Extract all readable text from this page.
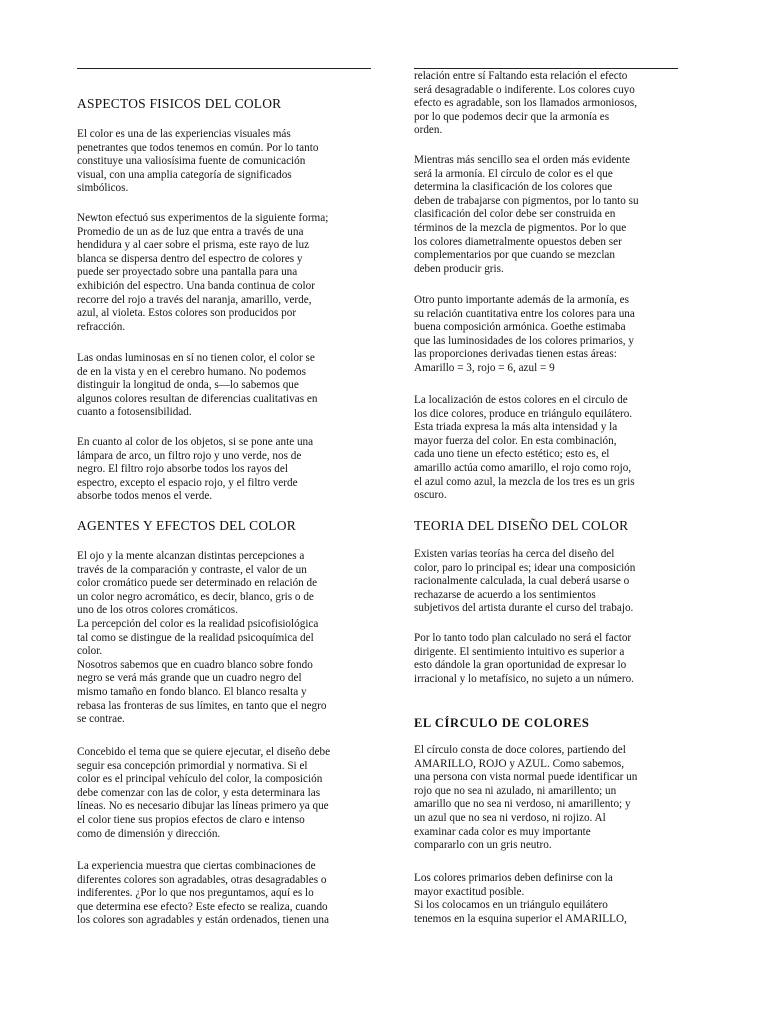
ASPECTOS FISICOS DEL COLOR

El color es una de las experiencias visuales más
penetrantes que todos tenemos en común. Por lo tanto
constituye una valiosísima fuente de comunicación
visual, con una amplia categoría de significados
simbólicos.

Newton efectuó sus experimentos de la siguiente forma;
Promedio de un as de luz que entra a través de una
hendidura y al caer sobre el prisma, este rayo de luz
blanca se dispersa dentro del espectro de colores y
puede ser proyectado sobre una pantalla para una
exhibición del espectro. Una banda continua de color
recorre del rojo a través del naranja, amarillo, verde,
azul, al violeta. Estos colores son producidos por
refracción.

Las ondas luminosas en sí no tienen color, el color se
de en la vista y en el cerebro humano. No podemos
distinguir la longitud de onda, s—lo sabemos que
algunos colores resultan de diferencias cualitativas en
cuanto a fotosensibilidad.

En cuanto al color de los objetos, si se pone ante una
lámpara de arco, un filtro rojo y uno verde, nos de
negro. El filtro rojo absorbe todos los rayos del
espectro, excepto el espacio rojo, y el filtro verde
absorbe todos menos el verde.

AGENTES Y EFECTOS DEL COLOR

El ojo y la mente alcanzan distintas percepciones a
través de la comparación y contraste, el valor de un
color cromático puede ser determinado en relación de
un color negro acromático, es decir, blanco, gris o de
uno de los otros colores cromáticos.
La percepción del color es la realidad psicofisiológica
tal como se distingue de la realidad psicoquímica del
color.
Nosotros sabemos que en cuadro blanco sobre fondo
negro se verá más grande que un cuadro negro del
mismo tamaño en fondo blanco. El blanco resalta y
rebasa las fronteras de sus límites, en tanto que el negro
se contrae.

Concebido el tema que se quiere ejecutar, el diseño debe
seguir esa concepción primordial y normativa. Si el
color es el principal vehículo del color, la composición
debe comenzar con las de color, y esta determinara las
líneas. No es necesario dibujar las líneas primero ya que
el color tiene sus propios efectos de claro e intenso
como de dimensión y dirección.

La experiencia muestra que ciertas combinaciones de
diferentes colores son agradables, otras desagradables o
indiferentes. ¿Por lo que nos preguntamos, aquí es lo
que determina ese efecto? Este efecto se realiza, cuando
los colores son agradables y están ordenados, tienen una

relación entre sí Faltando esta relación el efecto
será desagradable o indiferente. Los colores cuyo
efecto es agradable, son los llamados armoniosos,
por lo que podemos decir que la armonía es
orden.

Mientras más sencillo sea el orden más evidente
será la armonía. El círculo de color es el que
determina la clasificación de los colores que
deben de trabajarse con pigmentos, por lo tanto su
clasificación del color debe ser construida en
términos de la mezcla de pigmentos. Por lo que
los colores diametralmente opuestos deben ser
complementarios por que cuando se mezclan
deben producir gris.

Otro punto importante además de la armonía, es
su relación cuantitativa entre los colores para una
buena composición armónica. Goethe estimaba
que las luminosidades de los colores primarios, y
las proporciones derivadas tienen estas áreas:
Amarillo = 3, rojo = 6, azul = 9

La localización de estos colores en el circulo de
los dice colores, produce en triángulo equilátero.
Esta triada expresa la más alta intensidad y la
mayor fuerza del color. En esta combinación,
cada uno tiene un efecto estético; esto es, el
amarillo actúa como amarillo, el rojo como rojo,
el azul como azul, la mezcla de los tres es un gris
oscuro.

TEORIA DEL DISEÑO DEL COLOR

Existen varias teorías ha cerca del diseño del
color, paro lo principal es; idear una composición
racionalmente calculada, la cual deberá usarse o
rechazarse de acuerdo a los sentimientos
subjetivos del artista durante el curso del trabajo.

Por lo tanto todo plan calculado no será el factor
dirigente. El sentimiento intuitivo es superior a
esto dándole la gran oportunidad de expresar lo
irracional y lo metafísico, no sujeto a un número.

EL CÍRCULO DE COLORES

El círculo consta de doce colores, partiendo del
AMARILLO, ROJO y AZUL. Como sabemos,
una persona con vista normal puede identificar un
rojo que no sea ni azulado, ni amarillento; un
amarillo que no sea ni verdoso, ni amarillento; y
un azul que no sea ni verdoso, ni rojizo. Al
examinar cada color es muy importante
compararlo con un gris neutro.

Los colores primarios deben definirse con la
mayor exactitud posible.
Si los colocamos en un triángulo equilátero
tenemos en la esquina superior el AMARILLO,
